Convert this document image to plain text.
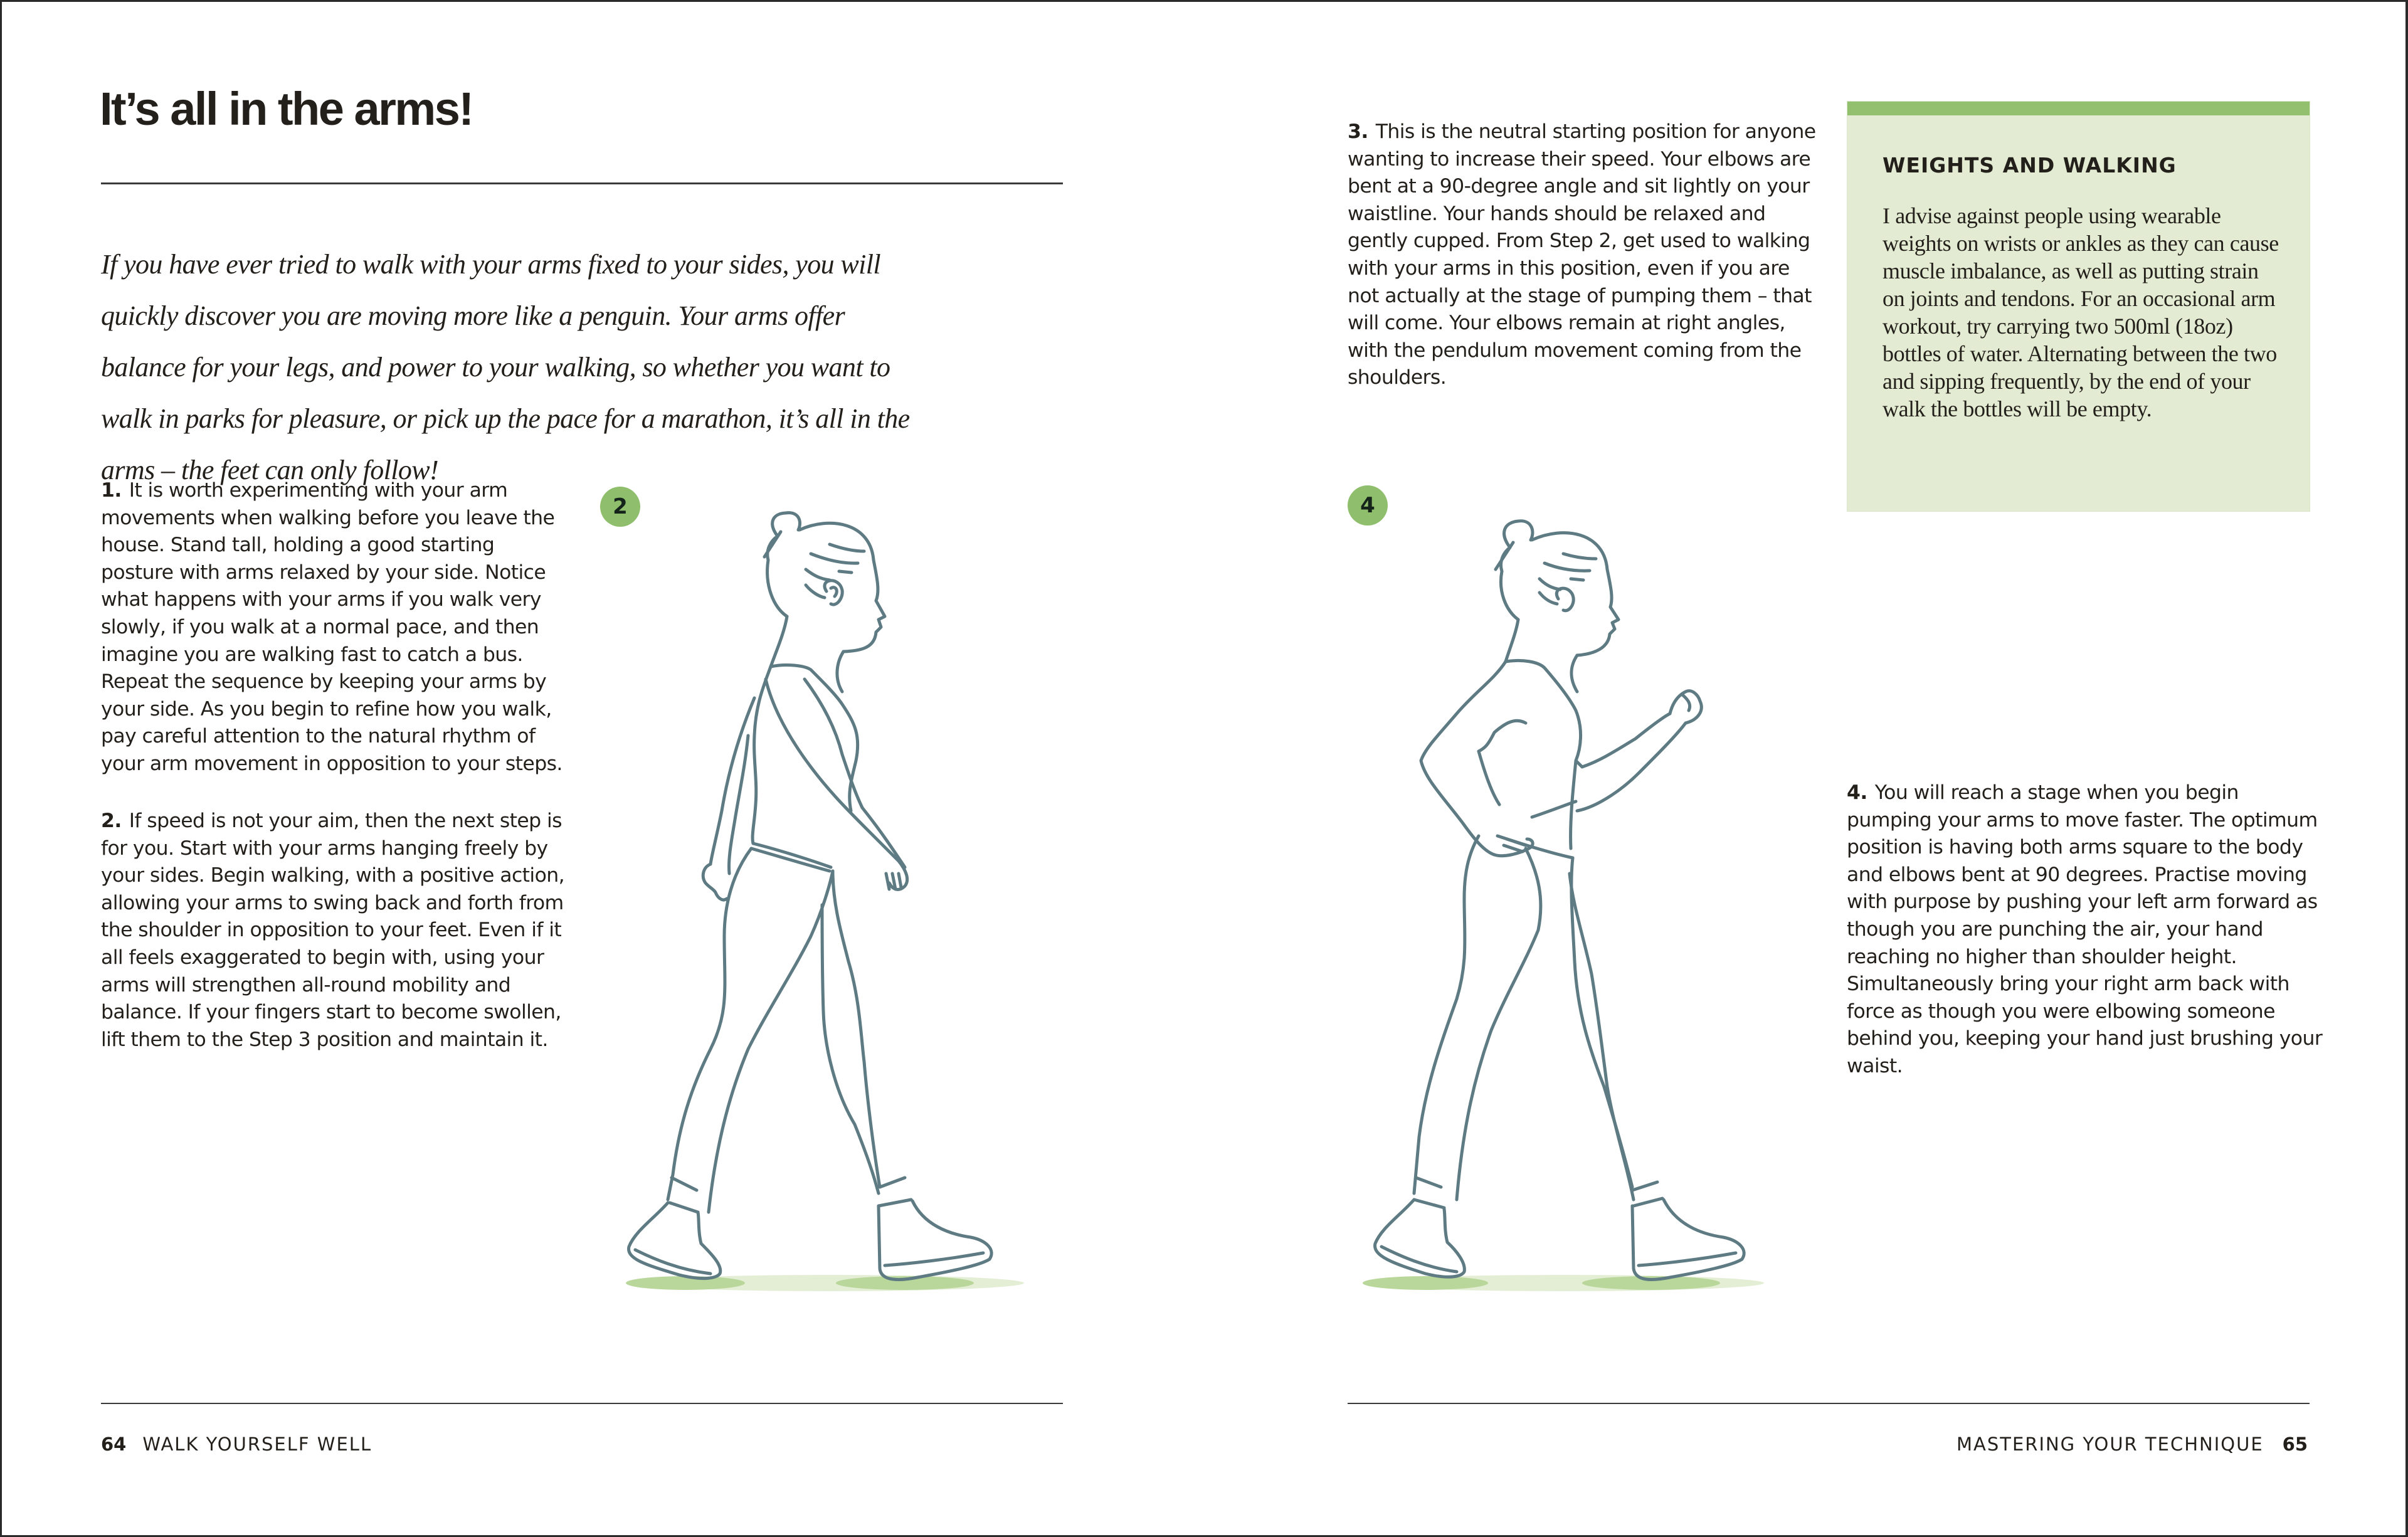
It’s all in the arms!
If you have ever tried to walk with your arms fixed to your sides, you will quickly discover you are moving more like a penguin. Your arms offer balance for your legs, and power to your walking, so whether you want to walk in parks for pleasure, or pick up the pace for a marathon, it’s all in the arms – the feet can only follow!
1. It is worth experimenting with your arm movements when walking before you leave the house. Stand tall, holding a good starting posture with arms relaxed by your side. Notice what happens with your arms if you walk very slowly, if you walk at a normal pace, and then imagine you are walking fast to catch a bus. Repeat the sequence by keeping your arms by your side. As you begin to refine how you walk, pay careful attention to the natural rhythm of your arm movement in opposition to your steps.
2. If speed is not your aim, then the next step is for you. Start with your arms hanging freely by your sides. Begin walking, with a positive action, allowing your arms to swing back and forth from the shoulder in opposition to your feet. Even if it all feels exaggerated to begin with, using your arms will strengthen all-round mobility and balance. If your fingers start to become swollen, lift them to the Step 3 position and maintain it.
2
3. This is the neutral starting position for anyone wanting to increase their speed. Your elbows are bent at a 90-degree angle and sit lightly on your waistline. Your hands should be relaxed and gently cupped. From Step 2, get used to walking with your arms in this position, even if you are not actually at the stage of pumping them – that will come. Your elbows remain at right angles, with the pendulum movement coming from the shoulders.
WEIGHTS AND WALKING
I advise against people using wearable weights on wrists or ankles as they can cause muscle imbalance, as well as putting strain on joints and tendons. For an occasional arm workout, try carrying two 500ml (18oz) bottles of water. Alternating between the two and sipping frequently, by the end of your walk the bottles will be empty.
4
4. You will reach a stage when you begin pumping your arms to move faster. The optimum position is having both arms square to the body and elbows bent at 90 degrees. Practise moving with purpose by pushing your left arm forward as though you are punching the air, your hand reaching no higher than shoulder height. Simultaneously bring your right arm back with force as though you were elbowing someone behind you, keeping your hand just brushing your waist.
64 WALK YOURSELF WELL	MASTERING YOUR TECHNIQUE 65
